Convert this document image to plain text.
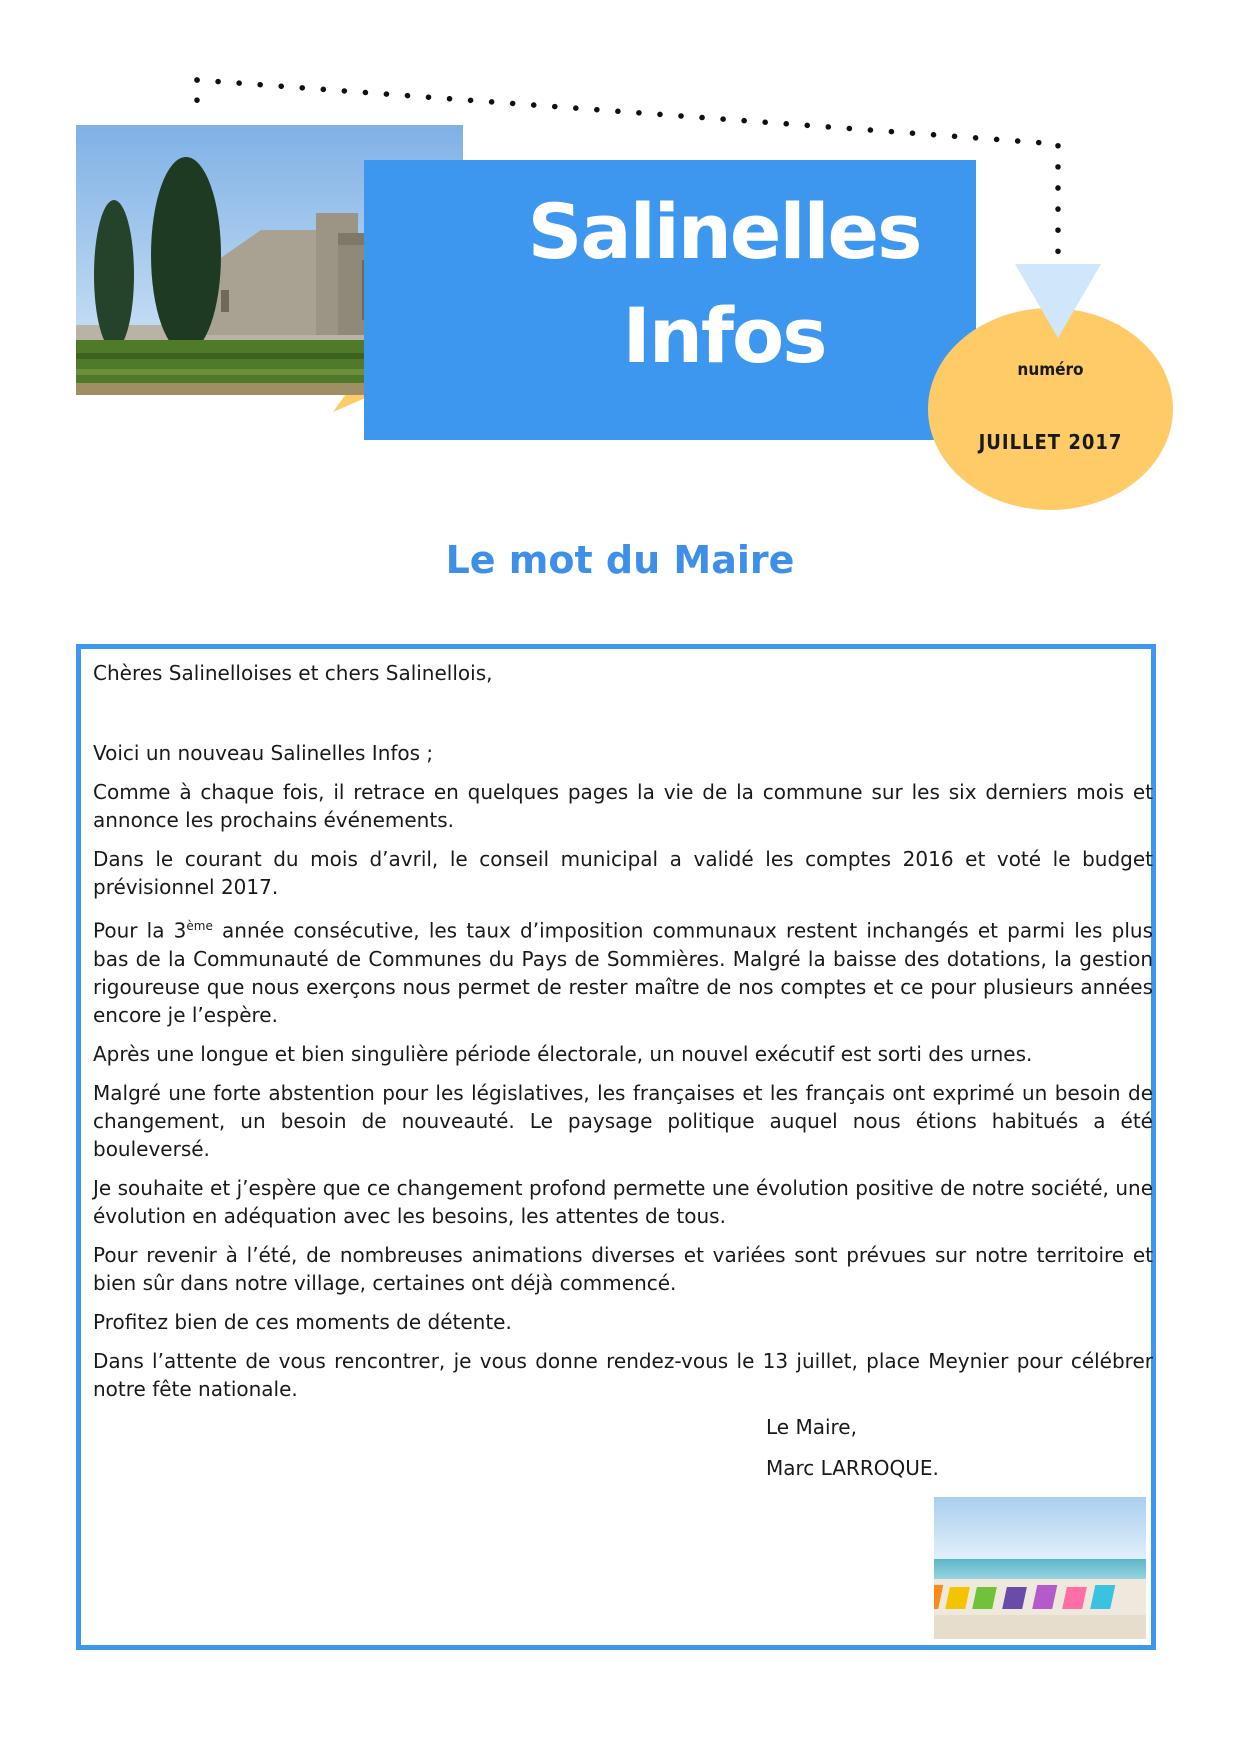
Salinelles
Infos	numéro
JUILLET 2017
Le mot du Maire

Chères Salinelloises et chers Salinellois,

Voici un nouveau Salinelles Infos ;

Comme à chaque fois, il retrace en quelques pages la vie de la commune sur les six derniers mois et annonce les prochains événements.

Dans le courant du mois d’avril, le conseil municipal a validé les comptes 2016 et voté le budget prévisionnel 2017.

Pour la 3ème année consécutive, les taux d’imposition communaux restent inchangés et parmi les plus bas de la Communauté de Communes du Pays de Sommières. Malgré la baisse des dotations, la gestion rigoureuse que nous exerçons nous permet de rester maître de nos comptes et ce pour plusieurs années encore je l’espère.

Après une longue et bien singulière période électorale, un nouvel exécutif est sorti des urnes.

Malgré une forte abstention pour les législatives, les françaises et les français ont exprimé un besoin de changement, un besoin de nouveauté. Le paysage politique auquel nous étions habitués a été bouleversé.

Je souhaite et j’espère que ce changement profond permette une évolution positive de notre société, une évolution en adéquation avec les besoins, les attentes de tous.

Pour revenir à l’été, de nombreuses animations diverses et variées sont prévues sur notre territoire et bien sûr dans notre village, certaines ont déjà commencé.

Profitez bien de ces moments de détente.

Dans l’attente de vous rencontrer, je vous donne rendez-vous le 13 juillet, place Meynier pour célébrer notre fête nationale.

Le Maire,
Marc LARROQUE.
